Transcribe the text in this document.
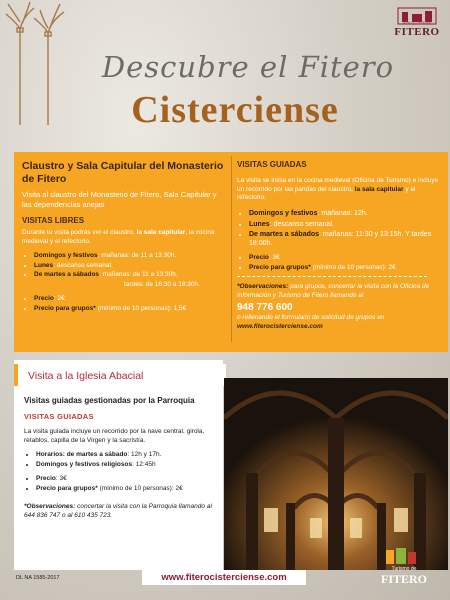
Arte y cultura
FITERO
Descubre el Fitero
Cisterciense
Claustro y Sala Capitular del Monasterio de Fitero
Visita al claustro del Monasterio de Fitero, Sala Capitular y las dependencias anejas
VISITAS LIBRES
Durante tu visita podrás ver el claustro, la sala capitular, la cocina medieval y el refectorio.
• Domingos y festivos: mañanas: de 11 a 13:30h.
• Lunes: descanso semanal.
• De martes a sábados: mañanas: de 11 a 13:30h.
tardes: de 16:30 a 18:30h.
• Precio: 2€
• Precio para grupos* (mínimo de 10 personas): 1,5€
VISITAS GUIADAS
La visita se inicia en la cocina medieval (Oficina de Turismo) e incluye un recorrido por las pandas del claustro, la sala capitular y el refectorio.
• Domingos y festivos: mañanas: 12h.
• Lunes: descanso semanal.
• De martes a sábados: mañanas: 11:30 y 13:15h. Y tardes 18:00h.
• Precio: 3€
• Precio para grupos* (mínimo de 10 personas): 2€
*Observaciones: para grupos, concertar la visita con la Oficina de Información y Turismo de Fitero llamando al
948 776 600
o rellenando el formulario de solicitud de grupos en
www.fiterocisterciense.com
Visita a la Iglesia Abacial
Visitas guiadas gestionadas por la Parroquia
VISITAS GUIADAS
La visita guiada incluye un recorrido por la nave central, girola, retablos, capilla de la Virgen y la sacristía.
• Horarios: de martes a sábado: 12h y 17h.
• Domingos y festivos religiosos: 12:45h
• Precio: 3€
• Precio para grupos* (mínimo de 10 personas): 2€
*Observaciones: concertar la visita con la Parroquia llamando al 644 836 747 o al 610 435 723.
DL NA 1585-2017	www.fiterocisterciense.com
Turismo de
FITERO
